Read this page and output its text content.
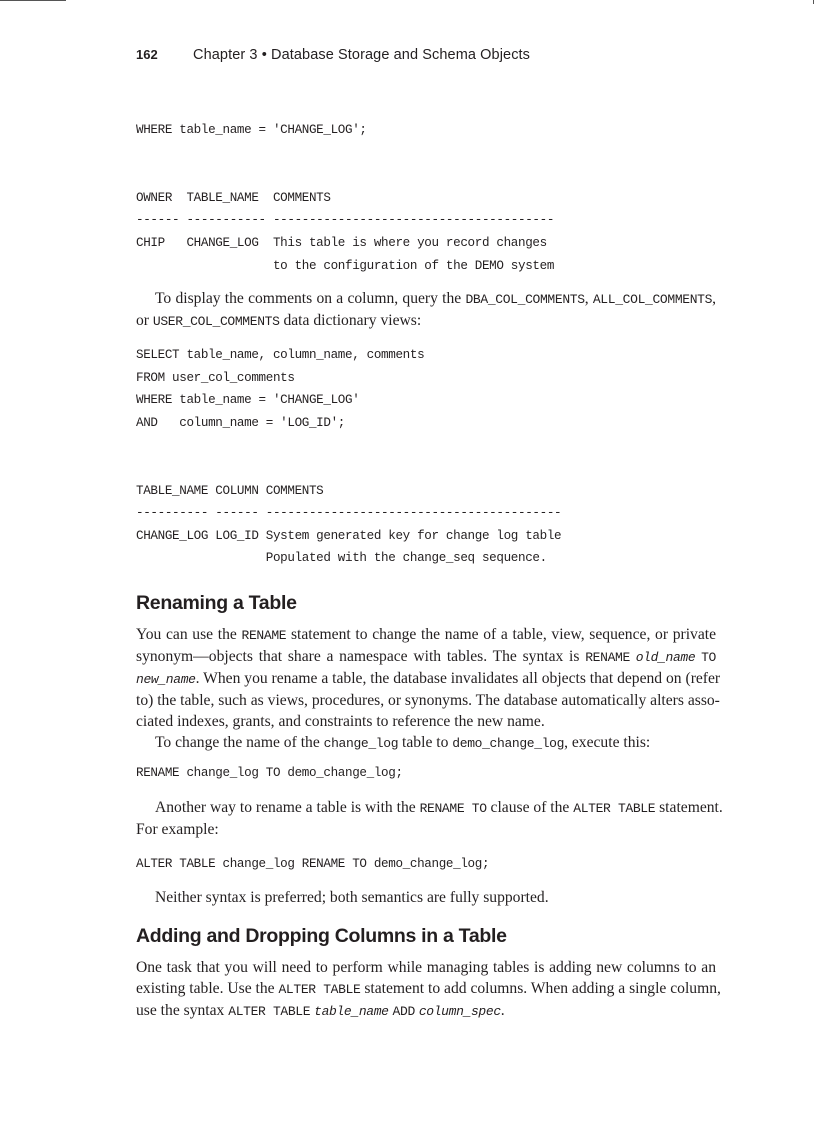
162 Chapter 3 • Database Storage and Schema Objects
WHERE table_name = 'CHANGE_LOG';
OWNER  TABLE_NAME  COMMENTS
------ ----------- ---------------------------------------
CHIP   CHANGE_LOG  This table is where you record changes
to the configuration of the DEMO system
To display the comments on a column, query the DBA_COL_COMMENTS, ALL_COL_COMMENTS,
or USER_COL_COMMENTS data dictionary views:
SELECT table_name, column_name, comments
FROM user_col_comments
WHERE table_name = 'CHANGE_LOG'
AND   column_name = 'LOG_ID';
TABLE_NAME COLUMN COMMENTS
---------- ------ -----------------------------------------
CHANGE_LOG LOG_ID System generated key for change log table
Populated with the change_seq sequence.
Renaming a Table
You can use the RENAME statement to change the name of a table, view, sequence, or private
synonym—objects that share a namespace with tables. The syntax is RENAME old_name TO
new_name. When you rename a table, the database invalidates all objects that depend on (refer
to) the table, such as views, procedures, or synonyms. The database automatically alters asso-
ciated indexes, grants, and constraints to reference the new name.
To change the name of the change_log table to demo_change_log, execute this:
RENAME change_log TO demo_change_log;
Another way to rename a table is with the RENAME TO clause of the ALTER TABLE statement.
For example:
ALTER TABLE change_log RENAME TO demo_change_log;
Neither syntax is preferred; both semantics are fully supported.
Adding and Dropping Columns in a Table
One task that you will need to perform while managing tables is adding new columns to an
existing table. Use the ALTER TABLE statement to add columns. When adding a single column,
use the syntax ALTER TABLE table_name ADD column_spec.
